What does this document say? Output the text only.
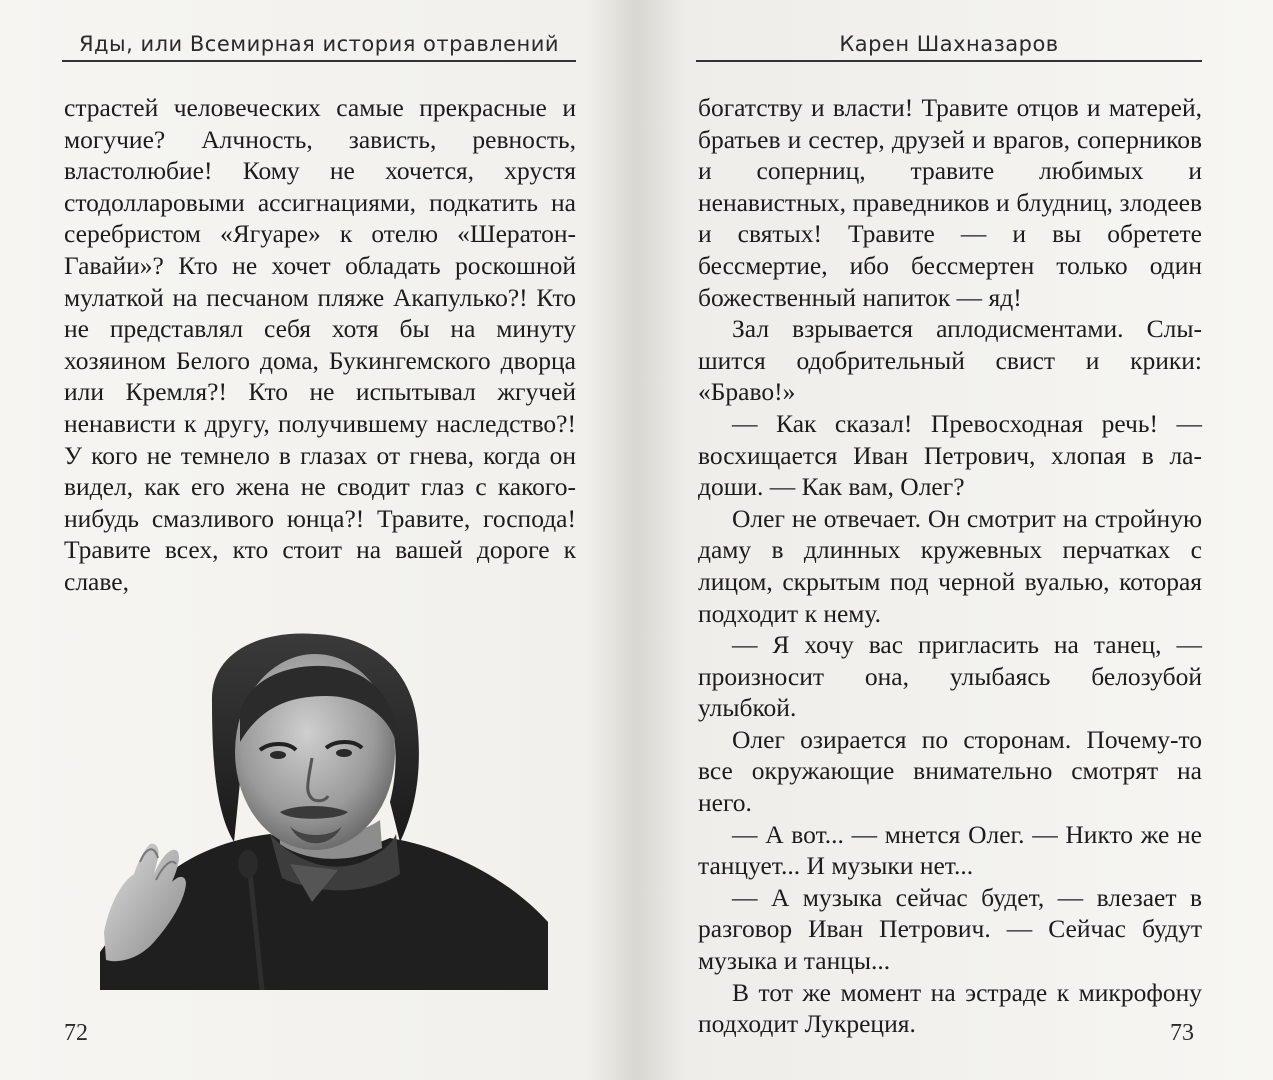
Яды, или Всемирная история отравлений

страстей человеческих самые прекрасные и могучие? Алчность, зависть, ревность, властолюбие! Кому не хочется, хрустя стодолларовыми ассигнациями, подкатить на серебристом «Ягуаре» к отелю «Шератон-Гавайи»? Кто не хочет обладать роскошной мулаткой на песчаном пляже Акапулько?! Кто не представлял себя хотя бы на минуту хозяином Белого дома, Букингемского дворца или Кремля?! Кто не испытывал жгучей ненависти к другу, получившему наследство?! У кого не темнело в глазах от гнева, когда он видел, как его жена не сводит глаз с какого-нибудь смазливого юнца?! Травите, господа! Травите всех, кто стоит на вашей дороге к славе,

72
Карен Шахназаров

богатству и власти! Травите отцов и матерей, братьев и сестер, друзей и врагов, соперников и соперниц, травите любимых и ненавистных, праведников и блудниц, злодеев и святых! Травите — и вы обретете бессмертие, ибо бессмертен только один божественный напиток — яд!

Зал взрывается аплодисментами. Слышится одобрительный свист и крики: «Браво!»

— Как сказал! Превосходная речь! — восхищается Иван Петрович, хлопая в ладоши. — Как вам, Олег?

Олег не отвечает. Он смотрит на стройную даму в длинных кружевных перчатках с лицом, скрытым под черной вуалью, которая подходит к нему.

— Я хочу вас пригласить на танец, — произносит она, улыбаясь белозубой улыбкой.

Олег озирается по сторонам. Почему-то все окружающие внимательно смотрят на него.

— А вот... — мнется Олег. — Никто же не танцует... И музыки нет...

— А музыка сейчас будет, — влезает в разговор Иван Петрович. — Сейчас будут музыка и танцы...

В тот же момент на эстраде к микрофону подходит Лукреция.	73
